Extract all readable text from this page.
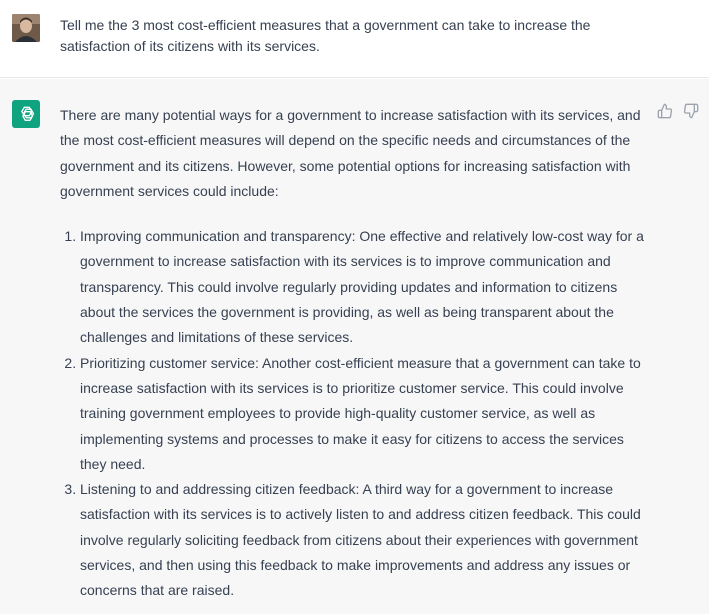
Tell me the 3 most cost-efficient measures that a government can take to increase the satisfaction of its citizens with its services.

There are many potential ways for a government to increase satisfaction with its services, and the most cost-efficient measures will depend on the specific needs and circumstances of the government and its citizens. However, some potential options for increasing satisfaction with government services could include:

1. Improving communication and transparency: One effective and relatively low-cost way for a government to increase satisfaction with its services is to improve communication and transparency. This could involve regularly providing updates and information to citizens about the services the government is providing, as well as being transparent about the challenges and limitations of these services.
2. Prioritizing customer service: Another cost-efficient measure that a government can take to increase satisfaction with its services is to prioritize customer service. This could involve training government employees to provide high-quality customer service, as well as implementing systems and processes to make it easy for citizens to access the services they need.
3. Listening to and addressing citizen feedback: A third way for a government to increase satisfaction with its services is to actively listen to and address citizen feedback. This could involve regularly soliciting feedback from citizens about their experiences with government services, and then using this feedback to make improvements and address any issues or concerns that are raised.
